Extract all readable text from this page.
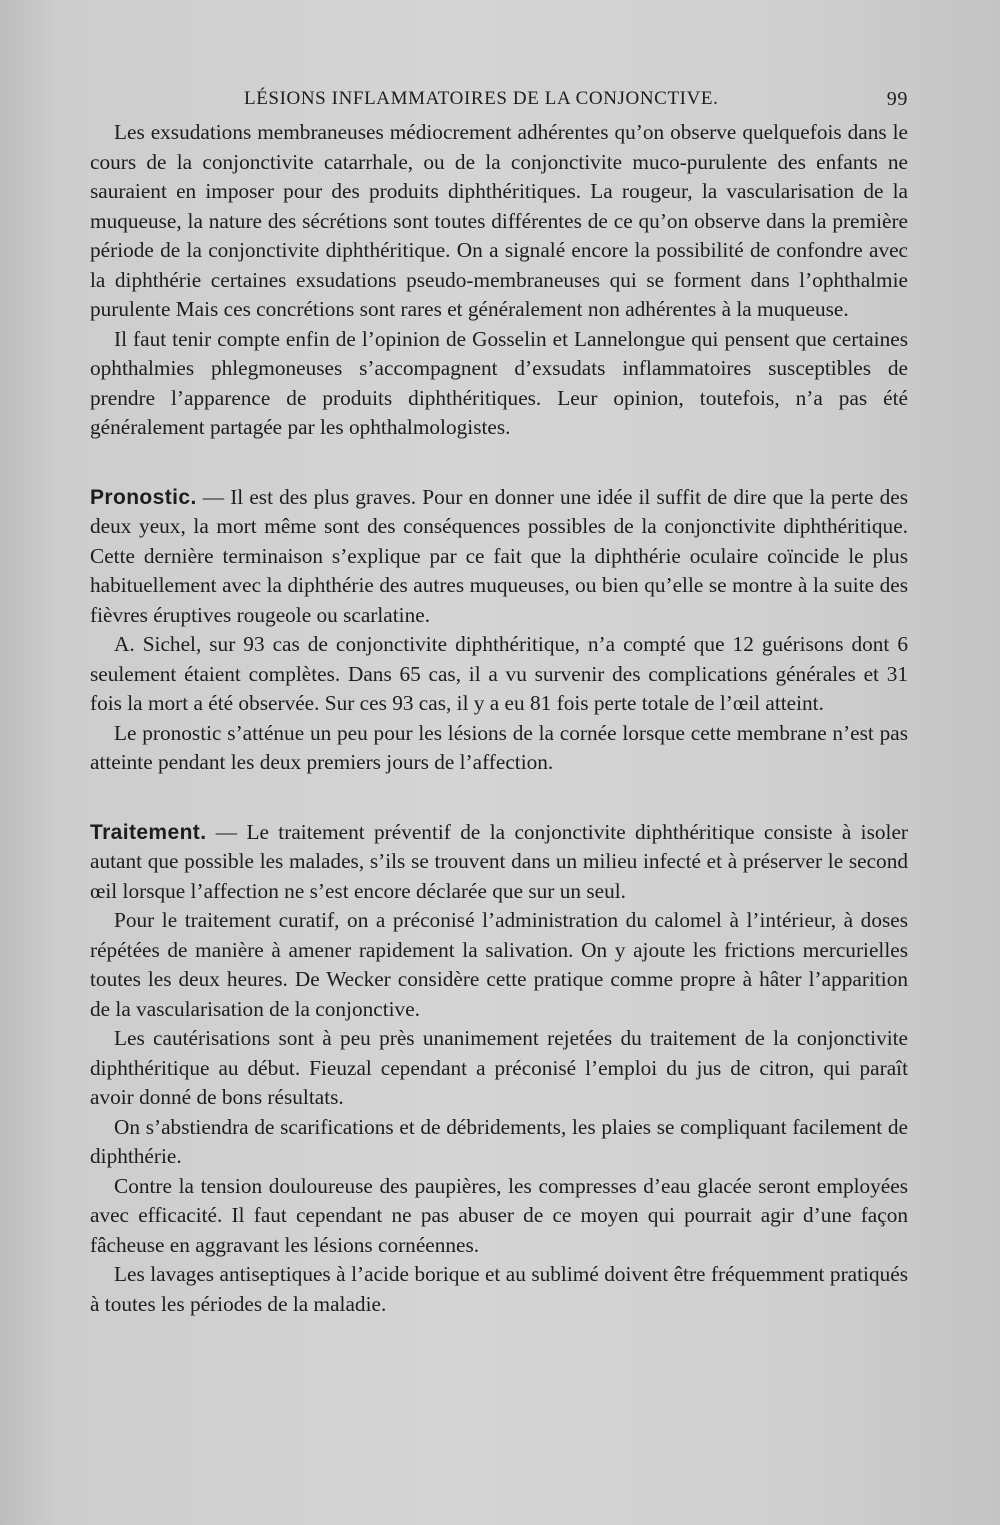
LÉSIONS INFLAMMATOIRES DE LA CONJONCTIVE.	99

Les exsudations membraneuses médiocrement adhérentes qu’on observe quelquefois dans le cours de la conjonctivite catarrhale, ou de la conjonctivite muco-purulente des enfants ne sauraient en imposer pour des produits diphthéritiques. La rougeur, la vascularisation de la muqueuse, la nature des sécrétions sont toutes différentes de ce qu’on observe dans la première période de la conjonctivite diphthéritique. On a signalé encore la possibilité de confondre avec la diphthérie certaines exsudations pseudo-membraneuses qui se forment dans l’ophthalmie purulente Mais ces concrétions sont rares et généralement non adhérentes à la muqueuse.

Il faut tenir compte enfin de l’opinion de Gosselin et Lannelongue qui pensent que certaines ophthalmies phlegmoneuses s’accompagnent d’exsudats inflammatoires susceptibles de prendre l’apparence de produits diphthéritiques. Leur opinion, toutefois, n’a pas été généralement partagée par les ophthalmologistes.

Pronostic. — Il est des plus graves. Pour en donner une idée il suffit de dire que la perte des deux yeux, la mort même sont des conséquences possibles de la conjonctivite diphthéritique. Cette dernière terminaison s’explique par ce fait que la diphthérie oculaire coïncide le plus habituellement avec la diphthérie des autres muqueuses, ou bien qu’elle se montre à la suite des fièvres éruptives rougeole ou scarlatine.

A. Sichel, sur 93 cas de conjonctivite diphthéritique, n’a compté que 12 guérisons dont 6 seulement étaient complètes. Dans 65 cas, il a vu survenir des complications générales et 31 fois la mort a été observée. Sur ces 93 cas, il y a eu 81 fois perte totale de l’œil atteint.

Le pronostic s’atténue un peu pour les lésions de la cornée lorsque cette membrane n’est pas atteinte pendant les deux premiers jours de l’affection.

Traitement. — Le traitement préventif de la conjonctivite diphthéritique consiste à isoler autant que possible les malades, s’ils se trouvent dans un milieu infecté et à préserver le second œil lorsque l’affection ne s’est encore déclarée que sur un seul.

Pour le traitement curatif, on a préconisé l’administration du calomel à l’intérieur, à doses répétées de manière à amener rapidement la salivation. On y ajoute les frictions mercurielles toutes les deux heures. De Wecker considère cette pratique comme propre à hâter l’apparition de la vascularisation de la conjonctive.

Les cautérisations sont à peu près unanimement rejetées du traitement de la conjonctivite diphthéritique au début. Fieuzal cependant a préconisé l’emploi du jus de citron, qui paraît avoir donné de bons résultats.

On s’abstiendra de scarifications et de débridements, les plaies se compliquant facilement de diphthérie.

Contre la tension douloureuse des paupières, les compresses d’eau glacée seront employées avec efficacité. Il faut cependant ne pas abuser de ce moyen qui pourrait agir d’une façon fâcheuse en aggravant les lésions cornéennes.

Les lavages antiseptiques à l’acide borique et au sublimé doivent être fréquemment pratiqués à toutes les périodes de la maladie.
